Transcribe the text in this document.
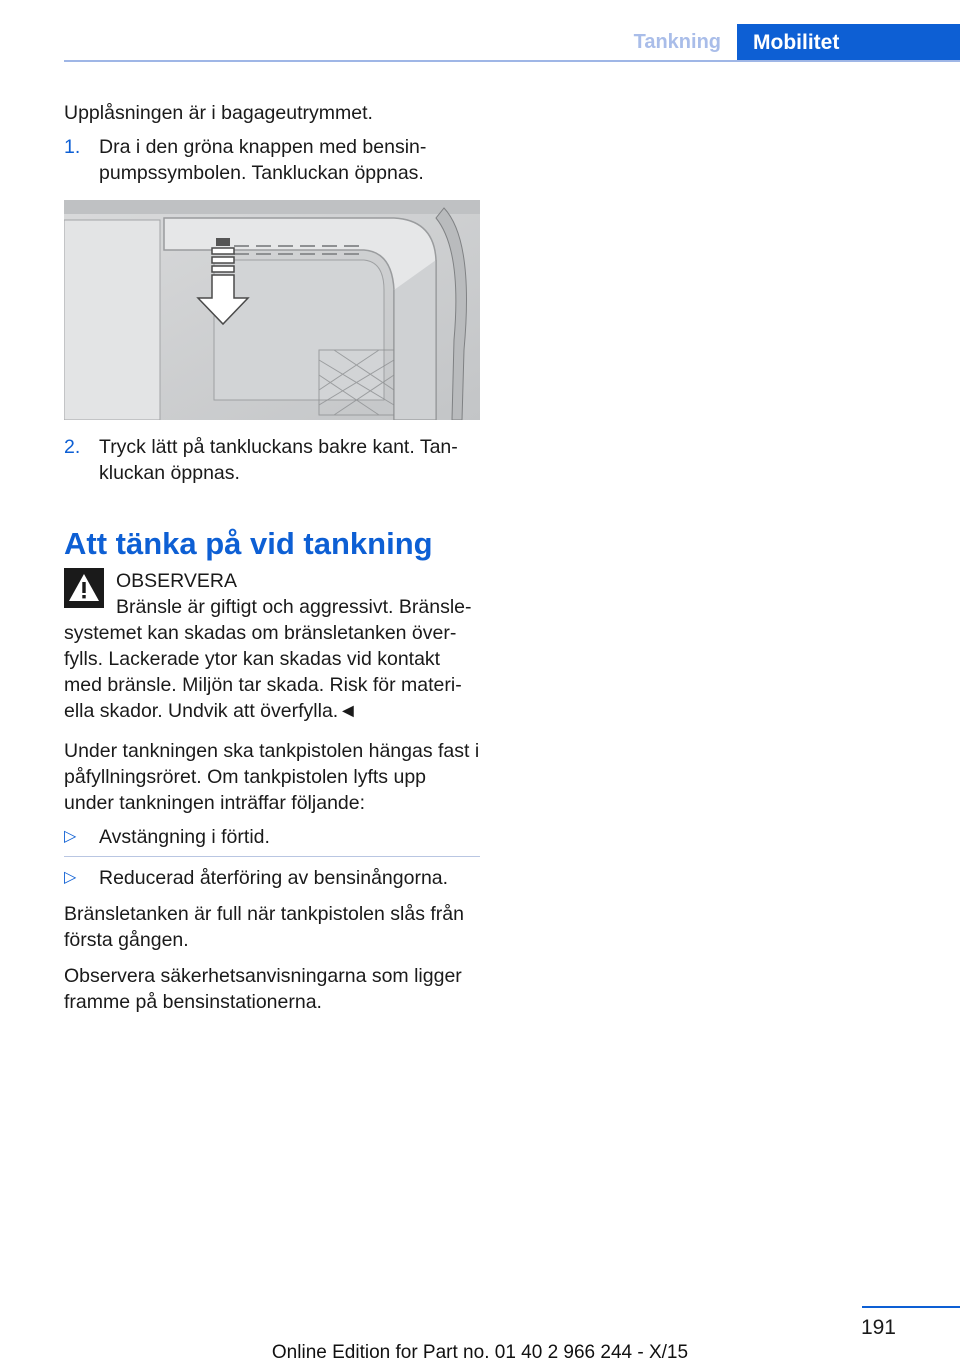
Tankning	Mobilitet

Upplåsningen är i bagageutrymmet.

1. Dra i den gröna knappen med bensin-pumpssymbolen. Tankluckan öppnas.
2. Tryck lätt på tankluckans bakre kant. Tan-kluckan öppnas.
Att tänka på vid tankning

OBSERVERA

Bränsle är giftigt och aggressivt. Bränsle-systemet kan skadas om bränsletanken över-fylls. Lackerade ytor kan skadas vid kontakt med bränsle. Miljön tar skada. Risk för materi-ella skador. Undvik att överfylla.◄

Under tankningen ska tankpistolen hängas fast i påfyllningsröret. Om tankpistolen lyfts upp under tankningen inträffar följande:

▷ Avstängning i förtid.
▷ Reducerad återföring av bensinångorna.

Bränsletanken är full när tankpistolen slås från första gången.

Observera säkerhetsanvisningarna som ligger framme på bensinstationerna.

191
Online Edition for Part no. 01 40 2 966 244 - X/15
